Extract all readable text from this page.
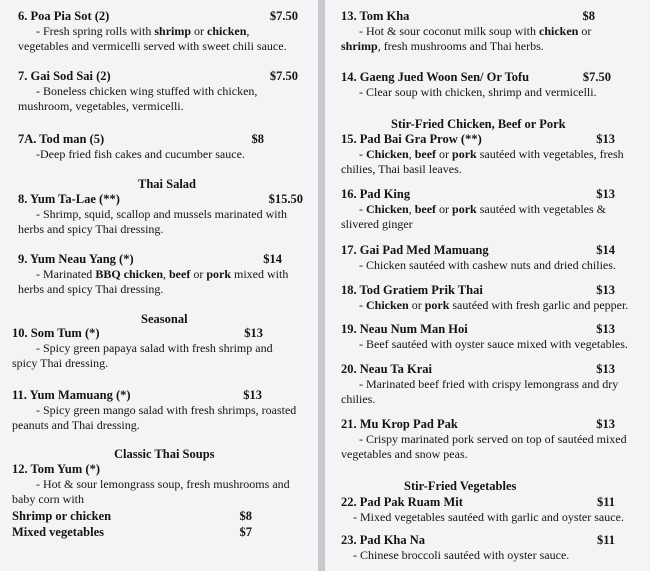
6. Poa Pia Sot (2)	$7.50
- Fresh spring rolls with shrimp or chicken, vegetables and vermicelli served with sweet chili sauce.
7. Gai Sod Sai (2)	$7.50
- Boneless chicken wing stuffed with chicken, mushroom, vegetables, vermicelli.
7A. Tod man (5)	$8
-Deep fried fish cakes and cucumber sauce.
Thai Salad
8. Yum Ta-Lae (**)	$15.50
- Shrimp, squid, scallop and mussels marinated with herbs and spicy Thai dressing.
9. Yum Neau Yang (*)	$14
- Marinated BBQ chicken, beef or pork mixed with herbs and spicy Thai dressing.
Seasonal
10. Som Tum (*)	$13
- Spicy green papaya salad with fresh shrimp and spicy Thai dressing.
11. Yum Mamuang (*)	$13
- Spicy green mango salad with fresh shrimps, roasted peanuts and Thai dressing.
Classic Thai Soups
12. Tom Yum (*)
- Hot & sour lemongrass soup, fresh mushrooms and baby corn with
Shrimp or chicken	$8
Mixed vegetables	$7
13. Tom Kha	$8
- Hot & sour coconut milk soup with chicken or shrimp, fresh mushrooms and Thai herbs.
14. Gaeng Jued Woon Sen/ Or Tofu	$7.50
- Clear soup with chicken, shrimp and vermicelli.
Stir-Fried Chicken, Beef or Pork
15. Pad Bai Gra Prow (**)	$13
- Chicken, beef or pork sautéed with vegetables, fresh chilies, Thai basil leaves.
16. Pad King	$13
- Chicken, beef or pork sautéed with vegetables & slivered ginger
17. Gai Pad Med Mamuang	$14
- Chicken sautéed with cashew nuts and dried chilies.
18. Tod Gratiem Prik Thai	$13
- Chicken or pork sautéed with fresh garlic and pepper.
19. Neau Num Man Hoi	$13
- Beef sautéed with oyster sauce mixed with vegetables.
20. Neau Ta Krai	$13
- Marinated beef fried with crispy lemongrass and dry chilies.
21. Mu Krop Pad Pak	$13
- Crispy marinated pork served on top of sautéed mixed vegetables and snow peas.
Stir-Fried Vegetables
22. Pad Pak Ruam Mit	$11
- Mixed vegetables sautéed with garlic and oyster sauce.
23. Pad Kha Na	$11
- Chinese broccoli sautéed with oyster sauce.
